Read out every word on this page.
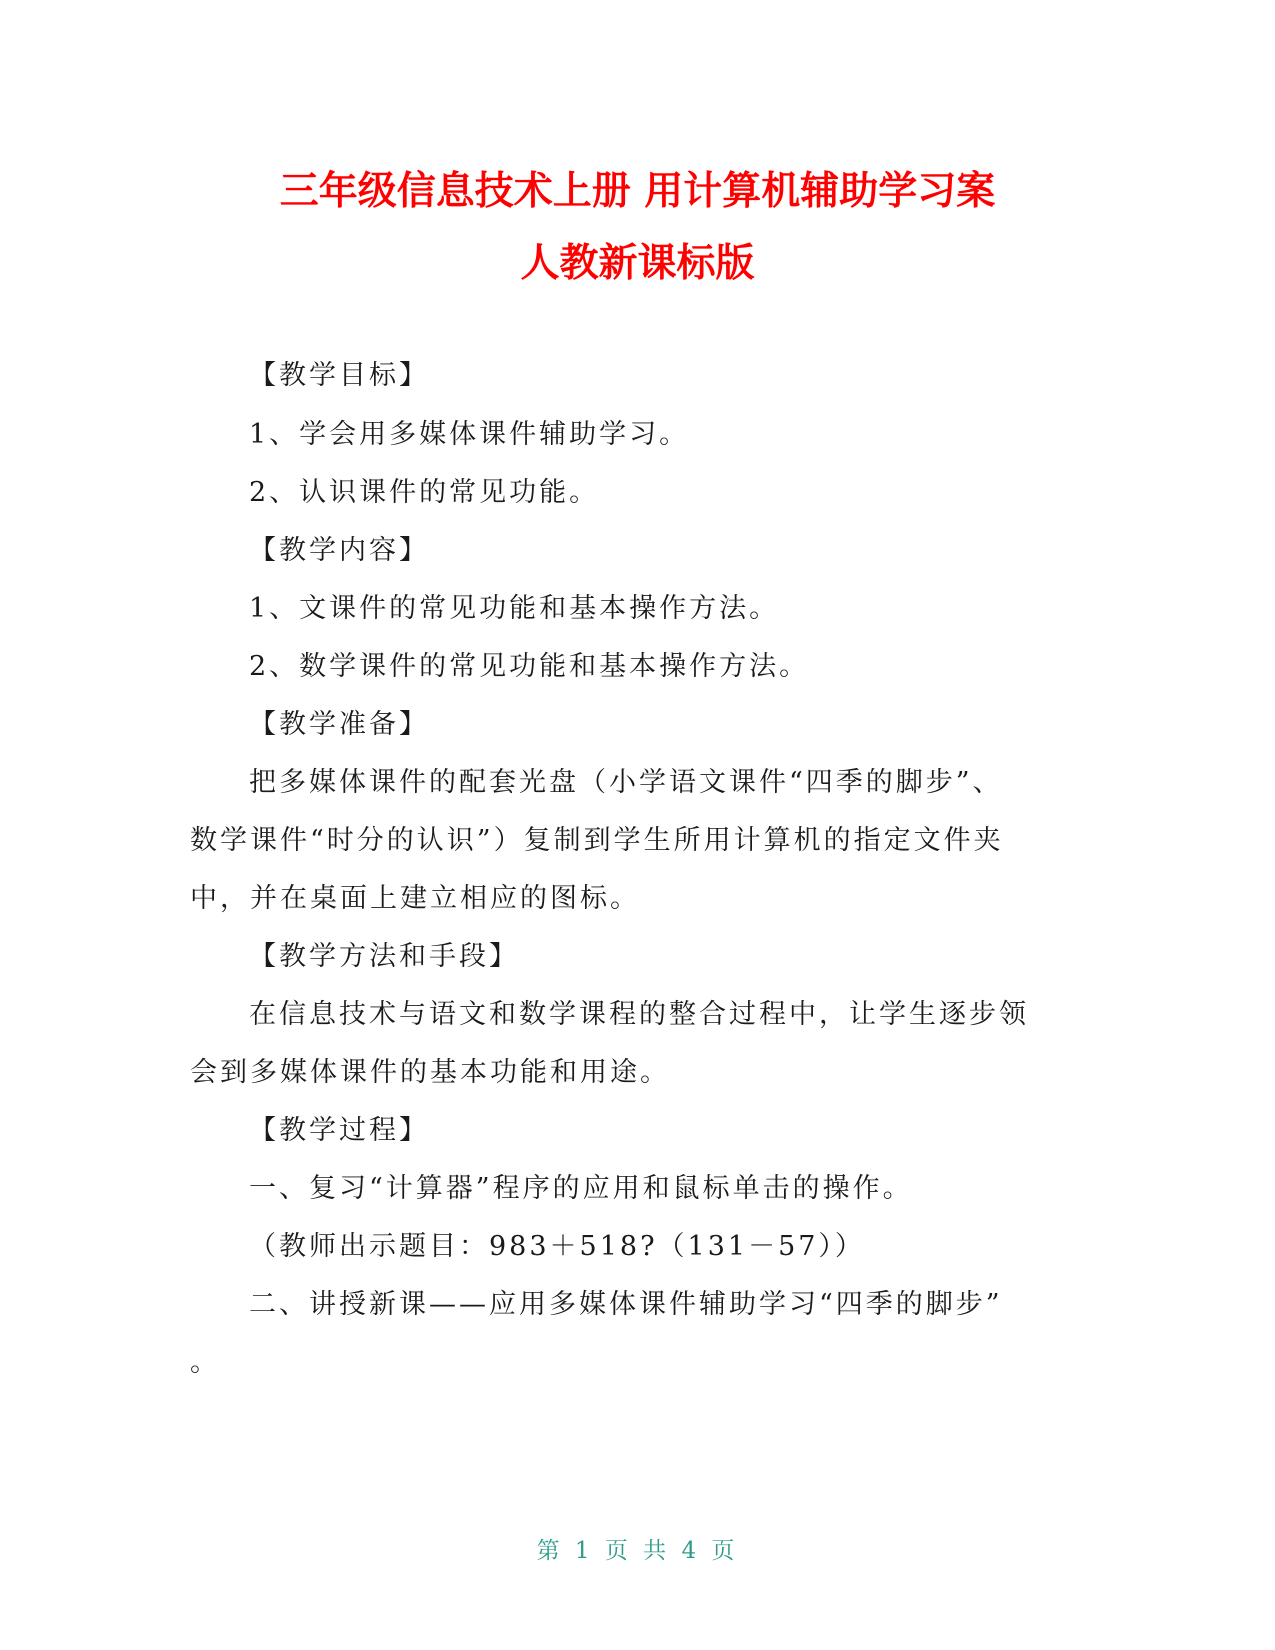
三年级信息技术上册 用计算机辅助学习案
人教新课标版
【教学目标】
1、学会用多媒体课件辅助学习。
2、认识课件的常见功能。
【教学内容】
1、文课件的常见功能和基本操作方法。
2、数学课件的常见功能和基本操作方法。
【教学准备】
把多媒体课件的配套光盘（小学语文课件“四季的脚步”、
数学课件“时分的认识”）复制到学生所用计算机的指定文件夹
中，并在桌面上建立相应的图标。
【教学方法和手段】
在信息技术与语文和数学课程的整合过程中，让学生逐步领
会到多媒体课件的基本功能和用途。
【教学过程】
一、复习“计算器”程序的应用和鼠标单击的操作。
（教师出示题目：983＋518?（131－57））
二、讲授新课——应用多媒体课件辅助学习“四季的脚步”
。
第 1 页 共 4 页
